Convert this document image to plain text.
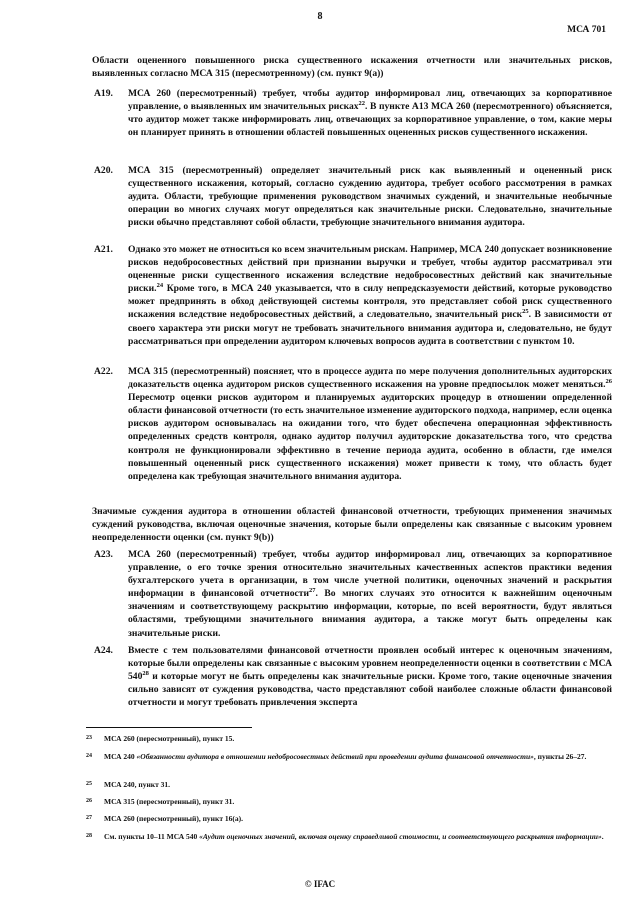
8
МСА 701
Области оцененного повышенного риска существенного искажения отчетности или значительных рисков, выявленных согласно МСА 315 (пересмотренному) (см. пункт 9(а))
A19.	МСА 260 (пересмотренный) требует, чтобы аудитор информировал лиц, отвечающих за корпоративное управление, о выявленных им значительных рисках$^{22}$. В пункте А13 МСА 260 (пересмотренного) объясняется, что аудитор может также информировать лиц, отвечающих за корпоративное управление, о том, какие меры он планирует принять в отношении областей повышенных оцененных рисков существенного искажения.

A20.	МСА 315 (пересмотренный) определяет значительный риск как выявленный и оцененный риск существенного искажения, который, согласно суждению аудитора, требует особого рассмотрения в рамках аудита. Области, требующие применения руководством значимых суждений, и значительные необычные операции во многих случаях могут определяться как значительные риски. Следовательно, значительные риски обычно представляют собой области, требующие значительного внимания аудитора.

A21.	Однако это может не относиться ко всем значительным рискам. Например, МСА 240 допускает возникновение рисков недобросовестных действий при признании выручки и требует, чтобы аудитор рассматривал эти оцененные риски существенного искажения вследствие недобросовестных действий как значительные риски.$^{24}$ Кроме того, в МСА 240 указывается, что в силу непредсказуемости действий, которые руководство может предпринять в обход действующей системы контроля, это представляет собой риск существенного искажения вследствие недобросовестных действий, а следовательно, значительный риск$^{25}$. В зависимости от своего характера эти риски могут не требовать значительного внимания аудитора и, следовательно, не будут рассматриваться при определении аудитором ключевых вопросов аудита в соответствии с пунктом 10.

A22.	МСА 315 (пересмотренный) поясняет, что в процессе аудита по мере получения дополнительных аудиторских доказательств оценка аудитором рисков существенного искажения на уровне предпосылок может меняться.$^{26}$ Пересмотр оценки рисков аудитором и планируемых аудиторских процедур в отношении определенной области финансовой отчетности (то есть значительное изменение аудиторского подхода, например, если оценка рисков аудитором основывалась на ожидании того, что будет обеспечена операционная эффективность определенных средств контроля, однако аудитор получил аудиторские доказательства того, что средства контроля не функционировали эффективно в течение периода аудита, особенно в области, где имелся повышенный оцененный риск существенного искажения) может привести к тому, что область будет определена как требующая значительного внимания аудитора.

Значимые суждения аудитора в отношении областей финансовой отчетности, требующих применения значимых суждений руководства, включая оценочные значения, которые были определены как связанные с высоким уровнем неопределенности оценки (см. пункт 9(b))
A23.	МСА 260 (пересмотренный) требует, чтобы аудитор информировал лиц, отвечающих за корпоративное управление, о его точке зрения относительно значительных качественных аспектов практики ведения бухгалтерского учета в организации, в том числе учетной политики, оценочных значений и раскрытия информации в финансовой отчетности$^{27}$. Во многих случаях это относится к важнейшим оценочным значениям и соответствующему раскрытию информации, которые, по всей вероятности, будут являться областями, требующими значительного внимания аудитора, а также могут быть определены как значительные риски.

A24.	Вместе с тем пользователями финансовой отчетности проявлен особый интерес к оценочным значениям, которые были определены как связанные с высоким уровнем неопределенности оценки в соответствии с МСА $540^{28}$ и которые могут не быть определены как значительные риски. Кроме того, такие оценочные значения сильно зависят от суждения руководства, часто представляют собой наиболее сложные области финансовой отчетности и могут требовать привлечения эксперта

23 МСА 260 (пересмотренный), пункт 15.
24 МСА 240 «Обязанности аудитора в отношении недобросовестных действий при проведении аудита финансовой отчетности», пункты 26–27.
25 МСА 240, пункт 31.
26 МСА 315 (пересмотренный), пункт 31.
27 МСА 260 (пересмотренный), пункт 16(a).
28 См. пункты 10–11 МСА 540 «Аудит оценочных значений, включая оценку справедливой стоимости, и соответствующего раскрытия информации».
© IFAC
